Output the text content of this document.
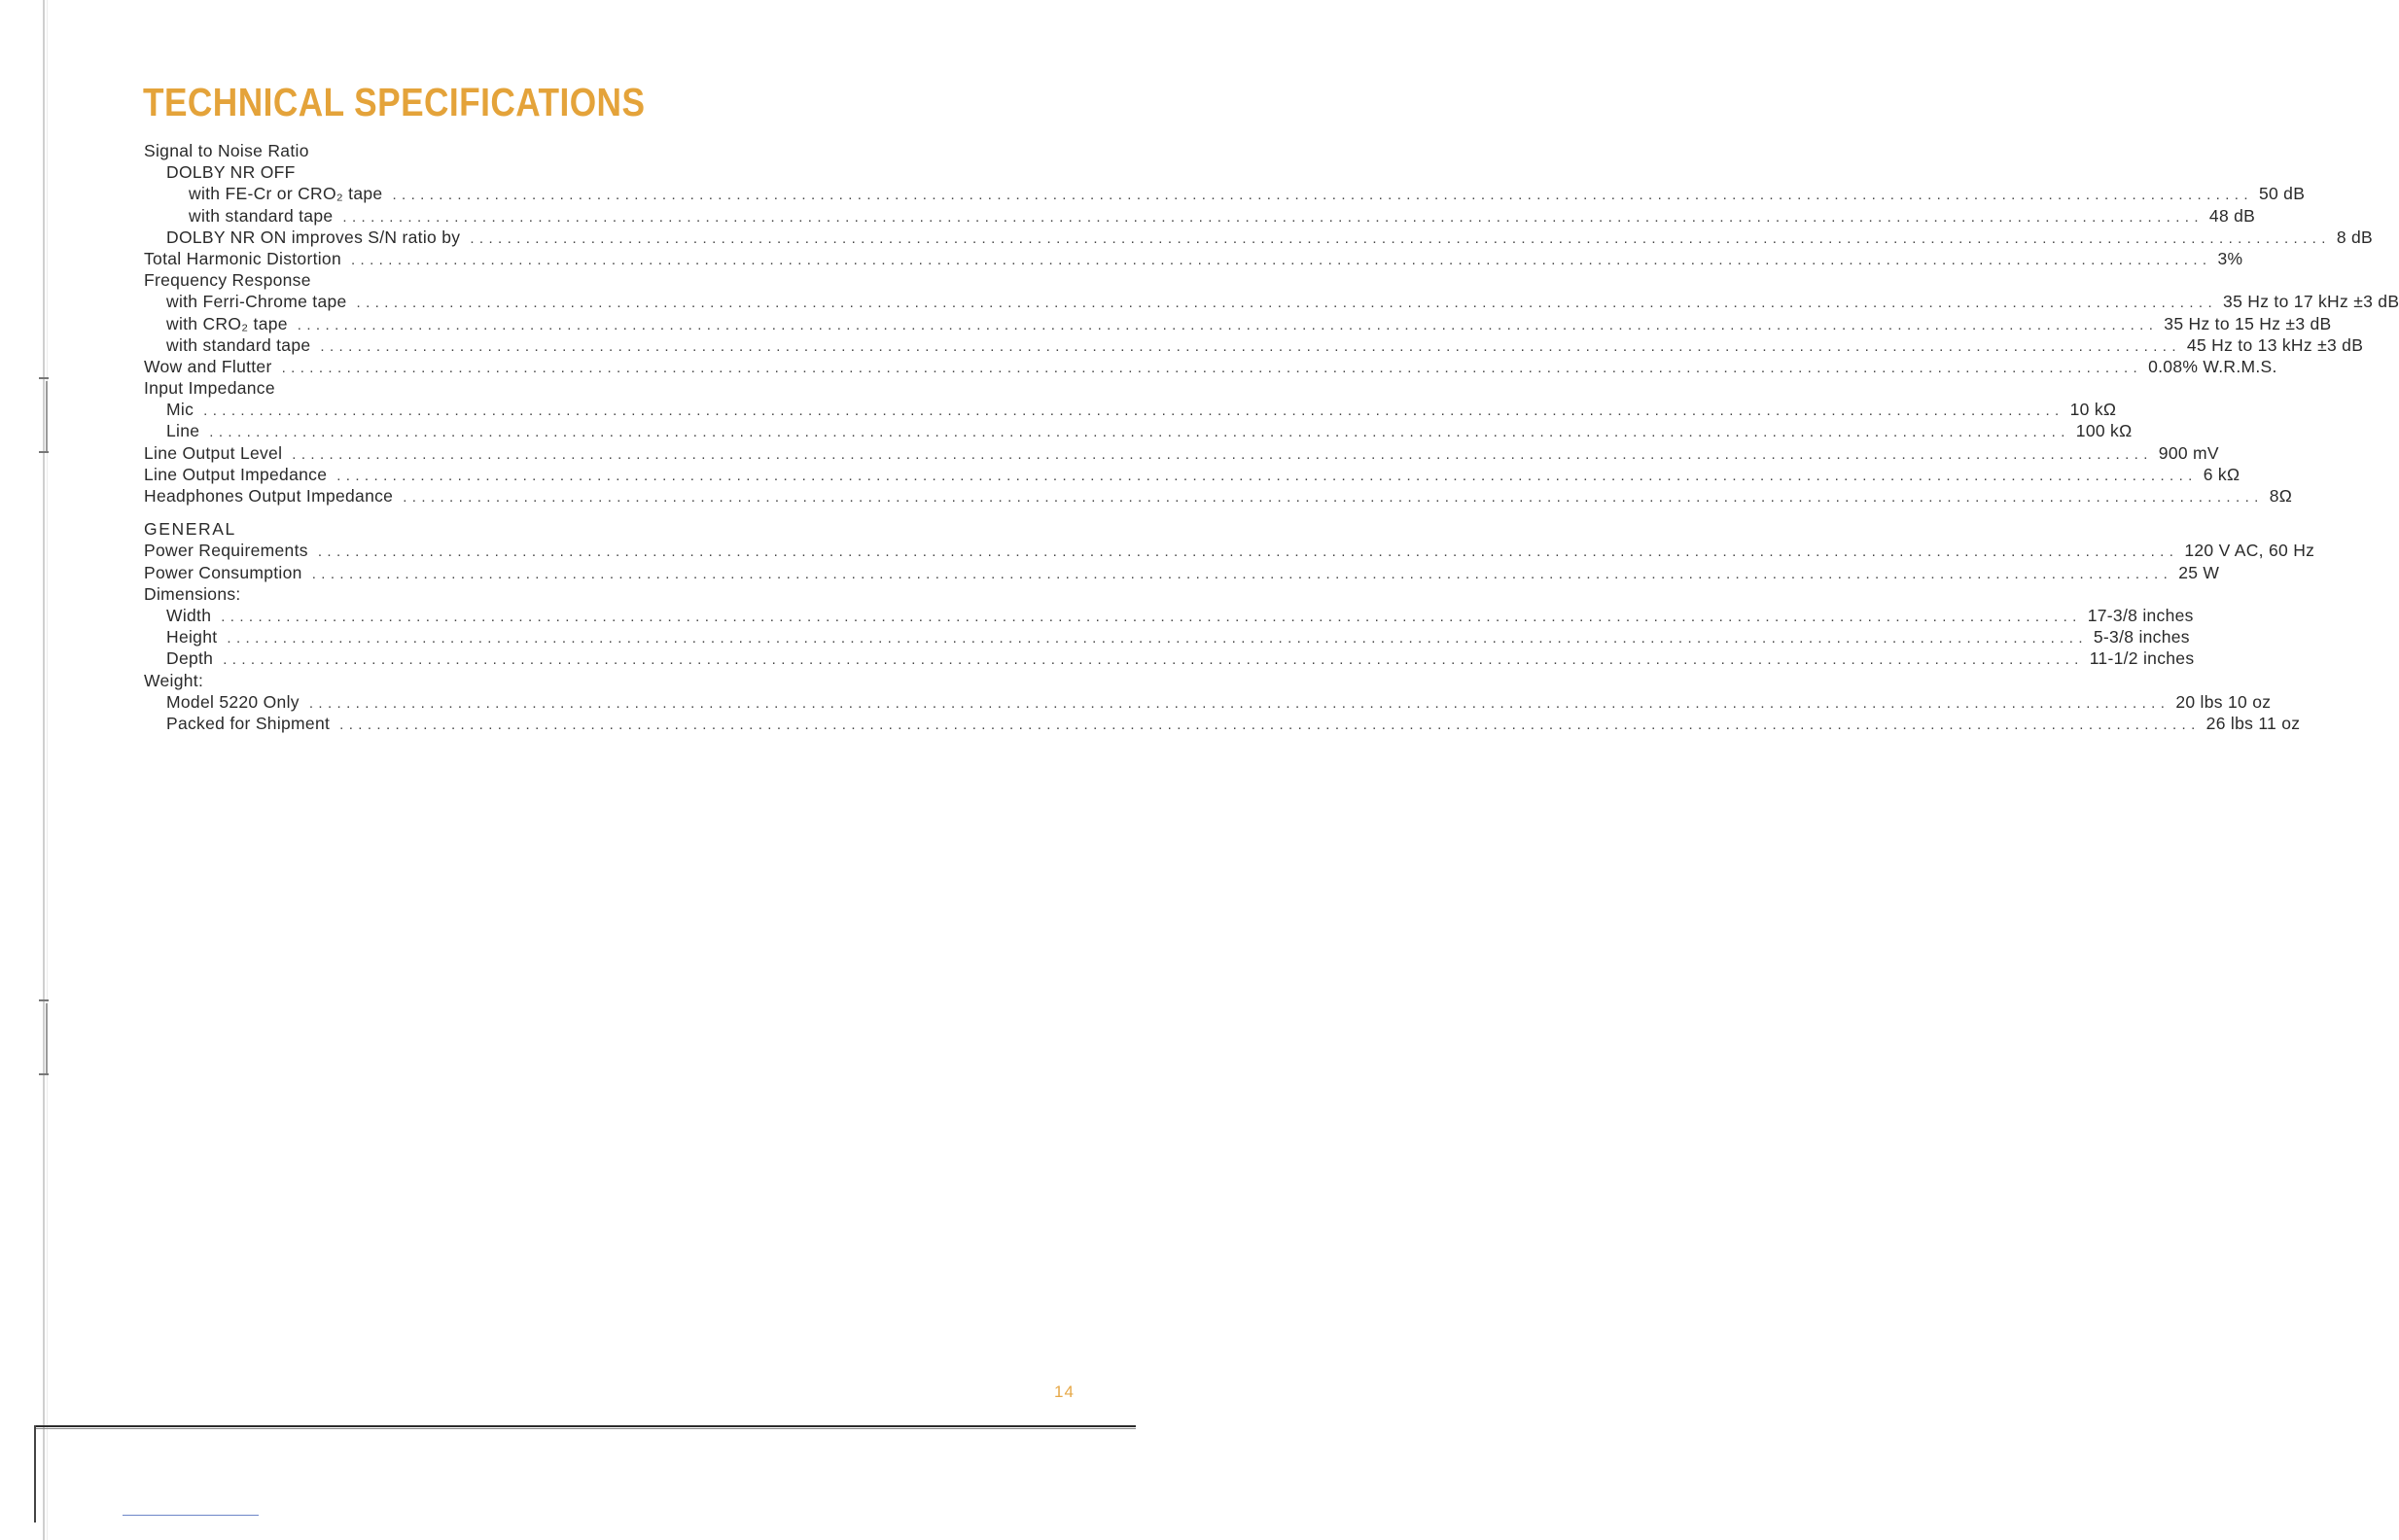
TECHNICAL SPECIFICATIONS
Signal to Noise Ratio
DOLBY NR OFF
with FE-Cr or CRO₂ tape ........................................................................................................................................................................................................ 50 dB
with standard tape ........................................................................................................................................................................................................ 48 dB
DOLBY NR ON improves S/N ratio by ........................................................................................................................................................................................................ 8 dB
Total Harmonic Distortion ........................................................................................................................................................................................................ 3%
Frequency Response
with Ferri-Chrome tape ........................................................................................................................................................................................................ 35 Hz to 17 kHz ±3 dB
with CRO₂ tape ........................................................................................................................................................................................................ 35 Hz to 15 Hz ±3 dB
with standard tape ........................................................................................................................................................................................................ 45 Hz to 13 kHz ±3 dB
Wow and Flutter ........................................................................................................................................................................................................ 0.08% W.R.M.S.
Input Impedance
Mic ........................................................................................................................................................................................................ 10 kΩ
Line ........................................................................................................................................................................................................ 100 kΩ
Line Output Level ........................................................................................................................................................................................................ 900 mV
Line Output Impedance ........................................................................................................................................................................................................ 6 kΩ
Headphones Output Impedance ........................................................................................................................................................................................................ 8Ω
GENERAL
Power Requirements ........................................................................................................................................................................................................ 120 V AC, 60 Hz
Power Consumption ........................................................................................................................................................................................................ 25 W
Dimensions:
Width ........................................................................................................................................................................................................ 17-3/8 inches
Height ........................................................................................................................................................................................................ 5-3/8 inches
Depth ........................................................................................................................................................................................................ 11-1/2 inches
Weight:
Model 5220 Only ........................................................................................................................................................................................................ 20 lbs 10 oz
Packed for Shipment ........................................................................................................................................................................................................ 26 lbs 11 oz
14
